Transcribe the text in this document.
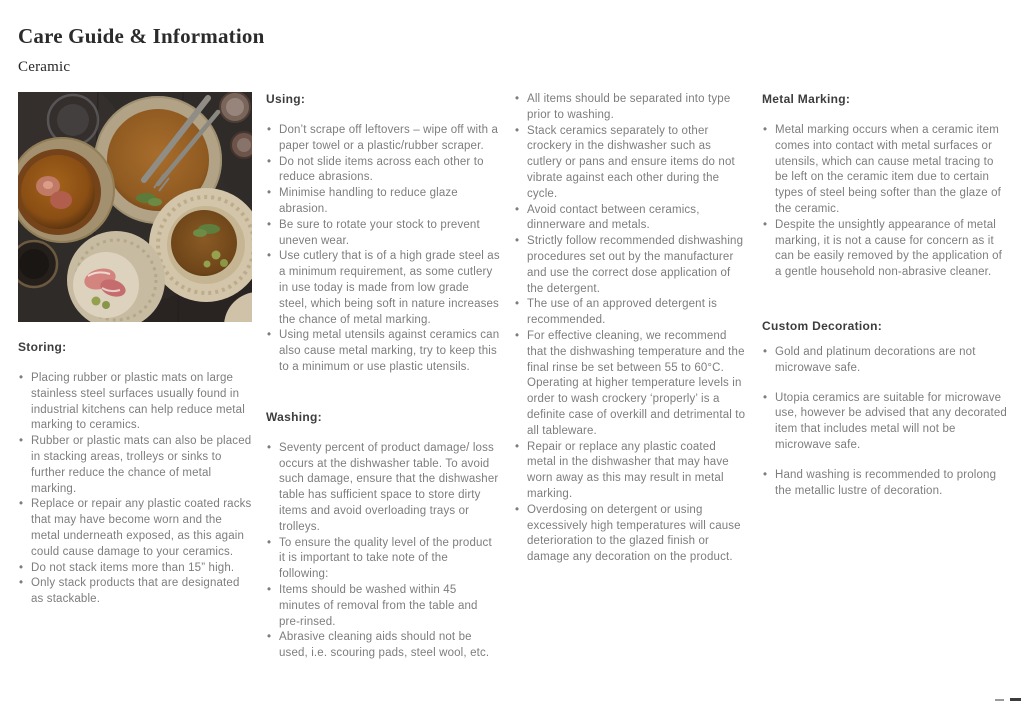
Care Guide & Information
Ceramic
Storing:
• Placing rubber or plastic mats on large stainless steel surfaces usually found in industrial kitchens can help reduce metal marking to ceramics.
• Rubber or plastic mats can also be placed in stacking areas, trolleys or sinks to further reduce the chance of metal marking.
• Replace or repair any plastic coated racks that may have become worn and the metal underneath exposed, as this again could cause damage to your ceramics.
• Do not stack items more than 15” high.
• Only stack products that are designated as stackable.
Using:
• Don’t scrape off leftovers – wipe off with a paper towel or a plastic/rubber scraper.
• Do not slide items across each other to reduce abrasions.
• Minimise handling to reduce glaze abrasion.
• Be sure to rotate your stock to prevent uneven wear.
• Use cutlery that is of a high grade steel as a minimum requirement, as some cutlery in use today is made from low grade steel, which being soft in nature increases the chance of metal marking.
• Using metal utensils against ceramics can also cause metal marking, try to keep this to a minimum or use plastic utensils.
Washing:
• Seventy percent of product damage/ loss occurs at the dishwasher table. To avoid such damage, ensure that the dishwasher table has sufficient space to store dirty items and avoid overloading trays or trolleys.
• To ensure the quality level of the product it is important to take note of the following:
• Items should be washed within 45 minutes of removal from the table and pre-rinsed.
• Abrasive cleaning aids should not be used, i.e. scouring pads, steel wool, etc.
• All items should be separated into type prior to washing.
• Stack ceramics separately to other crockery in the dishwasher such as cutlery or pans and ensure items do not vibrate against each other during the cycle.
• Avoid contact between ceramics, dinnerware and metals.
• Strictly follow recommended dishwashing procedures set out by the manufacturer and use the correct dose application of the detergent.
• The use of an approved detergent is recommended.
• For effective cleaning, we recommend that the dishwashing temperature and the final rinse be set between 55 to 60°C. Operating at higher temperature levels in order to wash crockery ‘properly’ is a definite case of overkill and detrimental to all tableware.
• Repair or replace any plastic coated metal in the dishwasher that may have worn away as this may result in metal marking.
• Overdosing on detergent or using excessively high temperatures will cause deterioration to the glazed finish or damage any decoration on the product.
Metal Marking:
• Metal marking occurs when a ceramic item comes into contact with metal surfaces or utensils, which can cause metal tracing to be left on the ceramic item due to certain types of steel being softer than the glaze of the ceramic.
• Despite the unsightly appearance of metal marking, it is not a cause for concern as it can be easily removed by the application of a gentle household non-abrasive cleaner.
Custom Decoration:
• Gold and platinum decorations are not microwave safe.
• Utopia ceramics are suitable for microwave use, however be advised that any decorated item that includes metal will not be microwave safe.
• Hand washing is recommended to prolong the metallic lustre of decoration.
